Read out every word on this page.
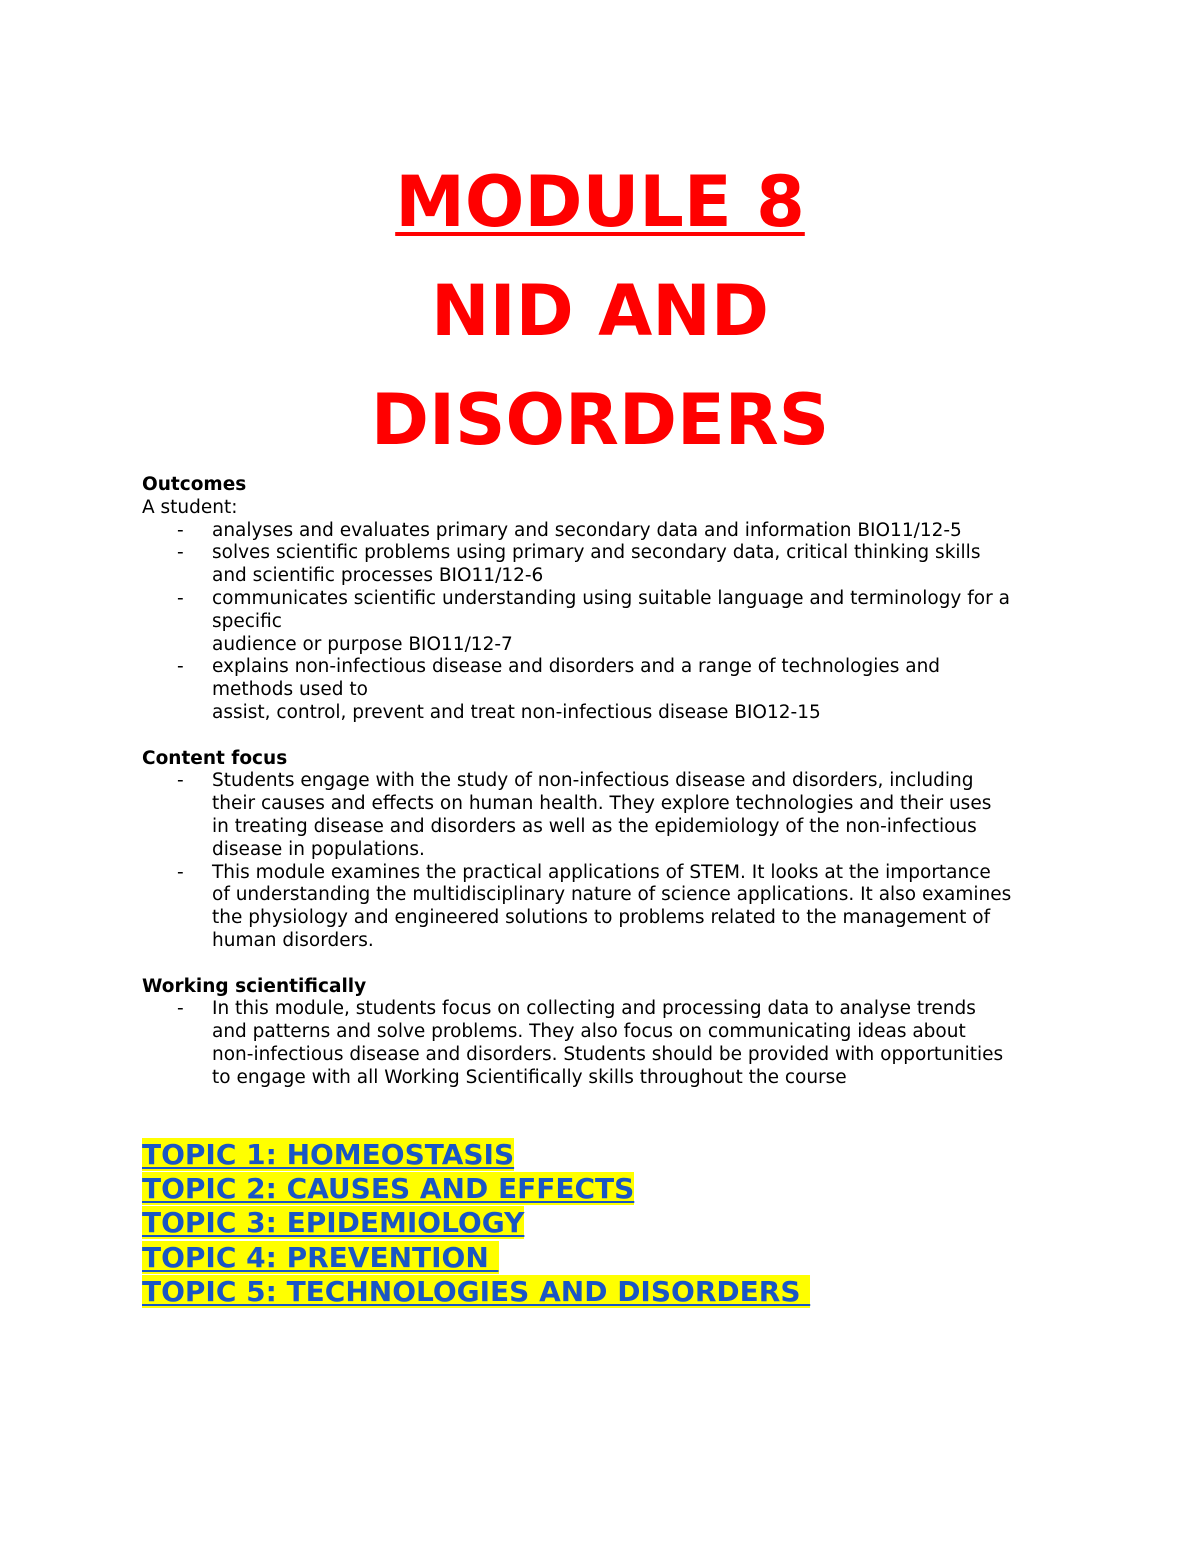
MODULE 8
NID AND
DISORDERS
Outcomes
A student:
- analyses and evaluates primary and secondary data and information BIO11/12-5
- solves scientific problems using primary and secondary data, critical thinking skills
and scientific processes BIO11/12-6
- communicates scientific understanding using suitable language and terminology for a
specific
audience or purpose BIO11/12-7
- explains non-infectious disease and disorders and a range of technologies and
methods used to
assist, control, prevent and treat non-infectious disease BIO12-15
Content focus
- Students engage with the study of non-infectious disease and disorders, including
their causes and effects on human health. They explore technologies and their uses
in treating disease and disorders as well as the epidemiology of the non-infectious
disease in populations.
- This module examines the practical applications of STEM. It looks at the importance
of understanding the multidisciplinary nature of science applications. It also examines
the physiology and engineered solutions to problems related to the management of
human disorders.
Working scientifically
- In this module, students focus on collecting and processing data to analyse trends
and patterns and solve problems. They also focus on communicating ideas about
non-infectious disease and disorders. Students should be provided with opportunities
to engage with all Working Scientifically skills throughout the course
TOPIC 1: HOMEOSTASIS
TOPIC 2: CAUSES AND EFFECTS
TOPIC 3: EPIDEMIOLOGY
TOPIC 4: PREVENTION
TOPIC 5: TECHNOLOGIES AND DISORDERS
